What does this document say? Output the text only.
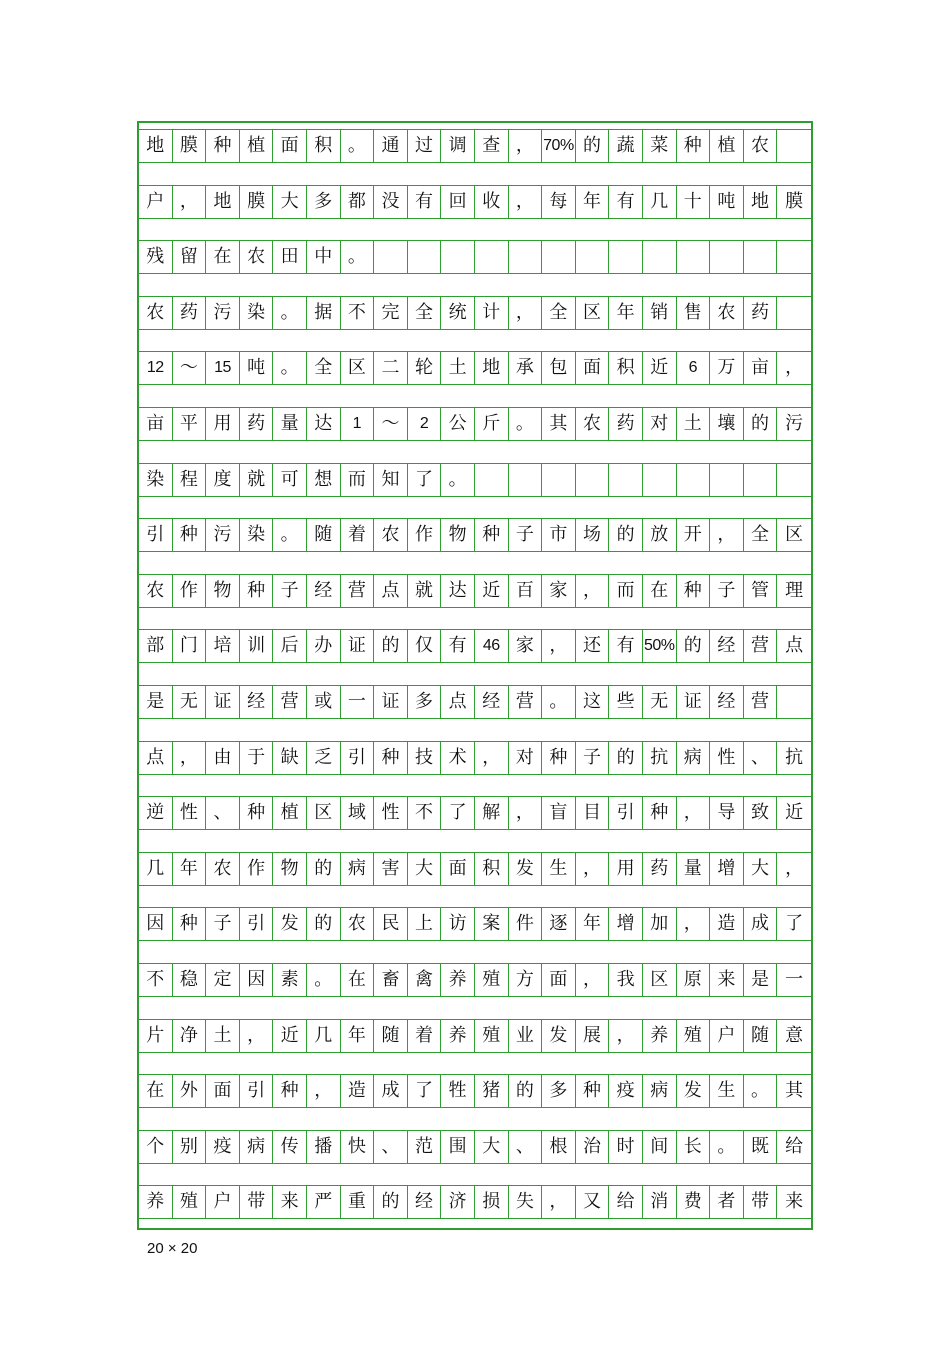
地 膜 种 植 面 积 。 通 过 调 查 ， 70% 的 蔬 菜 种 植 农
户 ， 地 膜 大 多 都 没 有 回 收 ， 每 年 有 几 十 吨 地 膜
残 留 在 农 田 中 。
农 药 污 染 。 据 不 完 全 统 计 ， 全 区 年 销 售 农 药
12 ～	15 吨 。 全 区 二 轮 土 地 承 包 面 积 近	6	万 亩 ，
亩 平 用 药 量 达	1	～	2	公 斤 。 其 农 药 对 土 壤 的 污
染 程 度 就 可 想 而 知 了 。
引 种 污 染 。 随 着 农 作 物 种 子 市 场 的 放 开 ， 全 区
农 作 物 种 子 经 营 点 就 达 近 百 家 ， 而 在 种 子 管 理
部 门 培 训 后 办 证 的 仅 有	46 家 ， 还 有 50% 的 经 营 点
是 无 证 经 营 或 一 证 多 点 经 营 。 这 些 无 证 经 营
点 ， 由 于 缺 乏 引 种 技 术 ， 对 种 子 的 抗 病 性 、 抗
逆 性 、 种 植 区 域 性 不 了 解 ， 盲 目 引 种 ， 导 致 近
几 年 农 作 物 的 病 害 大 面 积 发 生 ， 用 药 量 增 大 ，
因 种 子 引 发 的 农 民 上 访 案 件 逐 年 增 加 ， 造 成 了
不 稳 定 因 素 。 在 畜 禽 养 殖 方 面 ， 我 区 原 来 是 一
片 净 土 ， 近 几 年 随 着 养 殖 业 发 展 ， 养 殖 户 随 意
在 外 面 引 种 ， 造 成 了 牲 猪 的 多 种 疫 病 发 生 。 其
个 别 疫 病 传 播 快 、 范 围 大 、 根 治 时 间 长 。 既 给
养 殖 户 带 来 严 重 的 经 济 损 失 ， 又 给 消 费 者 带 来
20 × 20
